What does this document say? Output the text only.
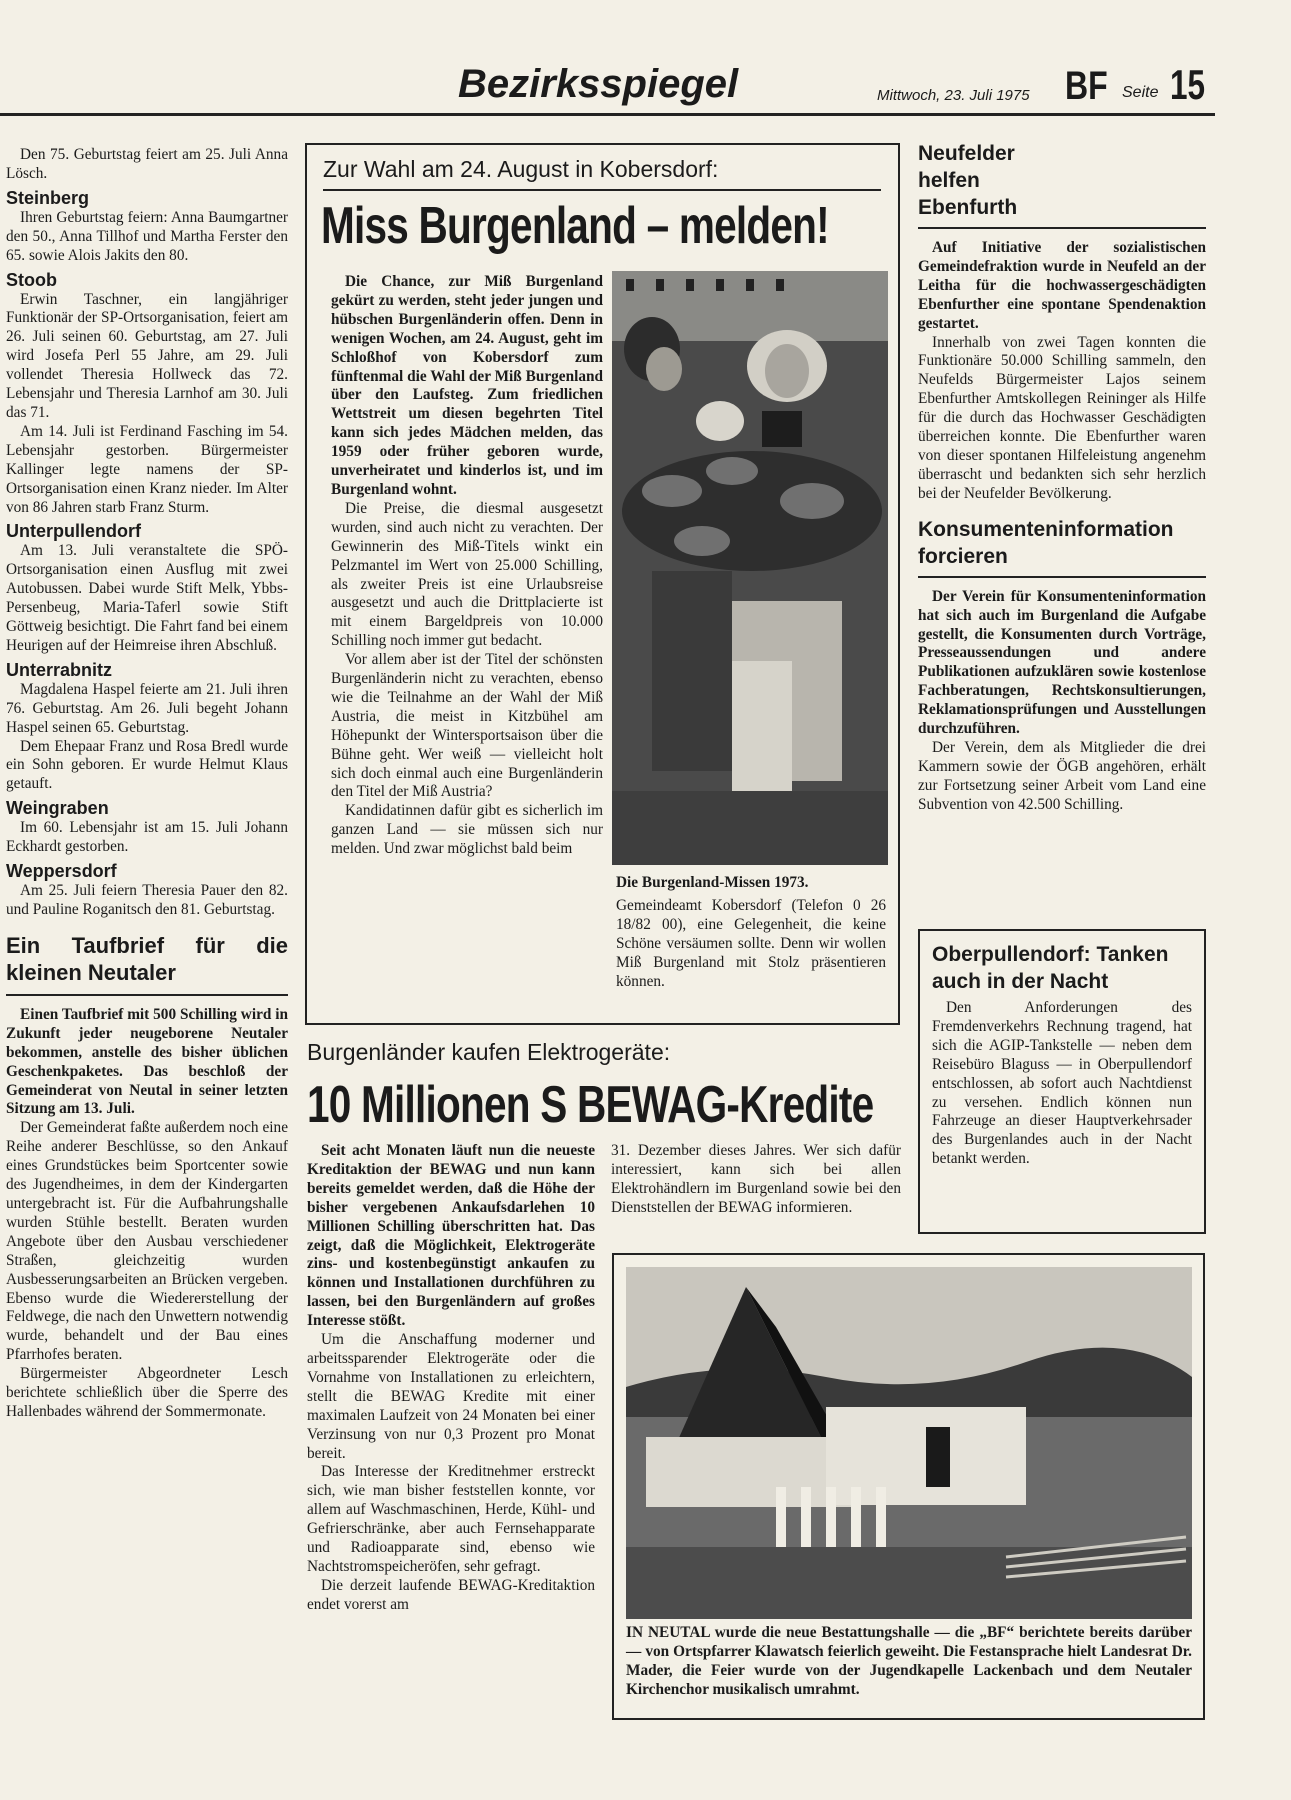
Bezirksspiegel	Mittwoch, 23. Juli 1975 BF Seite 15

Den 75. Geburtstag feiert am 25. Juli Anna Lösch.

Steinberg

Ihren Geburtstag feiern: Anna Baumgartner den 50., Anna Tillhof und Martha Ferster den 65. sowie Alois Jakits den 80.

Stoob

Erwin Taschner, ein langjähriger Funktionär der SP-Ortsorganisation, feiert am 26. Juli seinen 60. Geburtstag, am 27. Juli wird Josefa Perl 55 Jahre, am 29. Juli vollendet Theresia Hollweck das 72. Lebensjahr und Theresia Larnhof am 30. Juli das 71.

Am 14. Juli ist Ferdinand Fasching im 54. Lebensjahr gestorben. Bürgermeister Kallinger legte namens der SP-Ortsorganisation einen Kranz nieder. Im Alter von 86 Jahren starb Franz Sturm.

Unterpullendorf

Am 13. Juli veranstaltete die SPÖ-Ortsorganisation einen Ausflug mit zwei Autobussen. Dabei wurde Stift Melk, Ybbs-Persenbeug, Maria-Taferl sowie Stift Göttweig besichtigt. Die Fahrt fand bei einem Heurigen auf der Heimreise ihren Abschluß.

Unterrabnitz

Magdalena Haspel feierte am 21. Juli ihren 76. Geburtstag. Am 26. Juli begeht Johann Haspel seinen 65. Geburtstag.

Dem Ehepaar Franz und Rosa Bredl wurde ein Sohn geboren. Er wurde Helmut Klaus getauft.

Weingraben

Im 60. Lebensjahr ist am 15. Juli Johann Eckhardt gestorben.

Weppersdorf

Am 25. Juli feiern Theresia Pauer den 82. und Pauline Roganitsch den 81. Geburtstag.

Ein Taufbrief für die kleinen Neutaler

Einen Taufbrief mit 500 Schilling wird in Zukunft jeder neugeborene Neutaler bekommen, anstelle des bisher üblichen Geschenkpaketes. Das beschloß der Gemeinderat von Neutal in seiner letzten Sitzung am 13. Juli.

Der Gemeinderat faßte außerdem noch eine Reihe anderer Beschlüsse, so den Ankauf eines Grundstückes beim Sportcenter sowie des Jugendheimes, in dem der Kindergarten untergebracht ist. Für die Aufbahrungshalle wurden Stühle bestellt. Beraten wurden Angebote über den Ausbau verschiedener Straßen, gleichzeitig wurden Ausbesserungsarbeiten an Brücken vergeben. Ebenso wurde die Wiedererstellung der Feldwege, die nach den Unwettern notwendig wurde, behandelt und der Bau eines Pfarrhofes beraten.

Bürgermeister Abgeordneter Lesch berichtete schließlich über die Sperre des Hallenbades während der Sommermonate.

Zur Wahl am 24. August in Kobersdorf:
Miss Burgenland – melden!

Die Chance, zur Miß Burgenland gekürt zu werden, steht jeder jungen und hübschen Burgenländerin offen. Denn in wenigen Wochen, am 24. August, geht im Schloßhof von Kobersdorf zum fünftenmal die Wahl der Miß Burgenland über den Laufsteg. Zum friedlichen Wettstreit um diesen begehrten Titel kann sich jedes Mädchen melden, das 1959 oder früher geboren wurde, unverheiratet und kinderlos ist, und im Burgenland wohnt.

Die Preise, die diesmal ausgesetzt wurden, sind auch nicht zu verachten. Der Gewinnerin des Miß-Titels winkt ein Pelzmantel im Wert von 25.000 Schilling, als zweiter Preis ist eine Urlaubsreise ausgesetzt und auch die Drittplacierte ist mit einem Bargeldpreis von 10.000 Schilling noch immer gut bedacht.

Vor allem aber ist der Titel der schönsten Burgenländerin nicht zu verachten, ebenso wie die Teilnahme an der Wahl der Miß Austria, die meist in Kitzbühel am Höhepunkt der Wintersportsaison über die Bühne geht. Wer weiß — vielleicht holt sich doch einmal auch eine Burgenländerin den Titel der Miß Austria?

Kandidatinnen dafür gibt es sicherlich im ganzen Land — sie müssen sich nur melden. Und zwar möglichst bald beim

Die Burgenland-Missen 1973.

Gemeindeamt Kobersdorf (Telefon 0 26 18/82 00), eine Gelegenheit, die keine Schöne versäumen sollte. Denn wir wollen Miß Burgenland mit Stolz präsentieren können.

Burgenländer kaufen Elektrogeräte:
10 Millionen S BEWAG-Kredite

Seit acht Monaten läuft nun die neueste Kreditaktion der BEWAG und nun kann bereits gemeldet werden, daß die Höhe der bisher vergebenen Ankaufsdarlehen 10 Millionen Schilling überschritten hat. Das zeigt, daß die Möglichkeit, Elektrogeräte zins- und kostenbegünstigt ankaufen zu können und Installationen durchführen zu lassen, bei den Burgenländern auf großes Interesse stößt.

Um die Anschaffung moderner und arbeitssparender Elektrogeräte oder die Vornahme von Installationen zu erleichtern, stellt die BEWAG Kredite mit einer maximalen Laufzeit von 24 Monaten bei einer Verzinsung von nur 0,3 Prozent pro Monat bereit.

Das Interesse der Kreditnehmer erstreckt sich, wie man bisher feststellen konnte, vor allem auf Waschmaschinen, Herde, Kühl- und Gefrierschränke, aber auch Fernsehapparate und Radioapparate sind, ebenso wie Nachtstromspeicheröfen, sehr gefragt.

Die derzeit laufende BEWAG-Kreditaktion endet vorerst am

31. Dezember dieses Jahres. Wer sich dafür interessiert, kann sich bei allen Elektrohändlern im Burgenland sowie bei den Dienststellen der BEWAG informieren.

IN NEUTAL wurde die neue Bestattungshalle — die „BF“ berichtete bereits darüber — von Ortspfarrer Klawatsch feierlich geweiht. Die Festansprache hielt Landesrat Dr. Mader, die Feier wurde von der Jugendkapelle Lackenbach und dem Neutaler Kirchenchor musikalisch umrahmt.
Neufelder helfen Ebenfurth

Auf Initiative der sozialistischen Gemeindefraktion wurde in Neufeld an der Leitha für die hochwassergeschädigten Ebenfurther eine spontane Spendenaktion gestartet.

Innerhalb von zwei Tagen konnten die Funktionäre 50.000 Schilling sammeln, den Neufelds Bürgermeister Lajos seinem Ebenfurther Amtskollegen Reininger als Hilfe für die durch das Hochwasser Geschädigten überreichen konnte. Die Ebenfurther waren von dieser spontanen Hilfeleistung angenehm überrascht und bedankten sich sehr herzlich bei der Neufelder Bevölkerung.

Konsumenteninformation forcieren

Der Verein für Konsumenteninformation hat sich auch im Burgenland die Aufgabe gestellt, die Konsumenten durch Vorträge, Presseaussendungen und andere Publikationen aufzuklären sowie kostenlose Fachberatungen, Rechtskonsultierungen, Reklamationsprüfungen und Ausstellungen durchzuführen.

Der Verein, dem als Mitglieder die drei Kammern sowie der ÖGB angehören, erhält zur Fortsetzung seiner Arbeit vom Land eine Subvention von 42.500 Schilling.

Oberpullendorf: Tanken auch in der Nacht

Den Anforderungen des Fremdenverkehrs Rechnung tragend, hat sich die AGIP-Tankstelle — neben dem Reisebüro Blaguss — in Oberpullendorf entschlossen, ab sofort auch Nachtdienst zu versehen. Endlich können nun Fahrzeuge an dieser Hauptverkehrsader des Burgenlandes auch in der Nacht betankt werden.
